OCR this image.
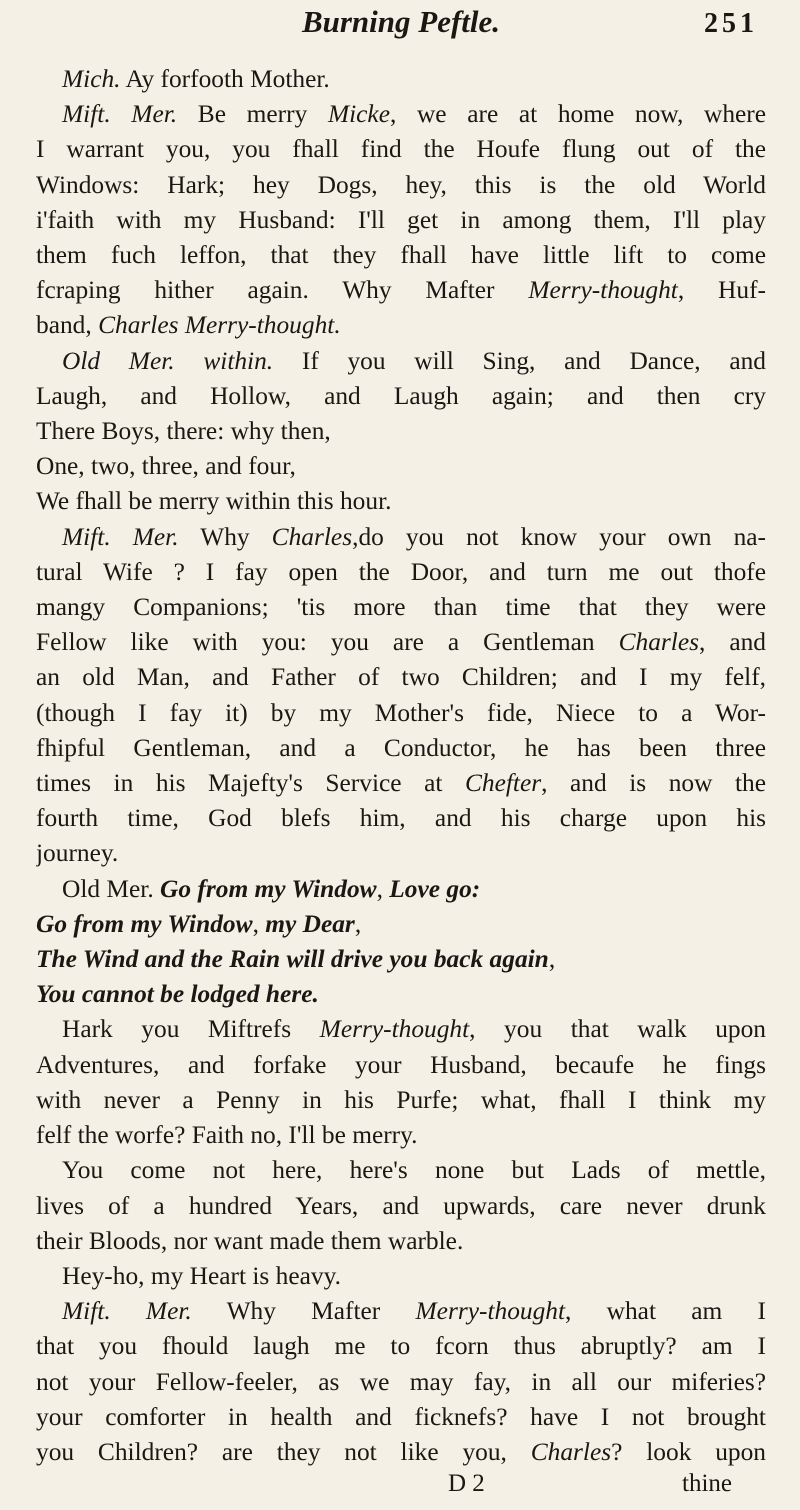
Burning Peftle.	251
Mich. Ay forfooth Mother.
Mift. Mer. Be merry Micke, we are at home now, where
I warrant you, you fhall find the Houfe flung out of the
Windows: Hark; hey Dogs, hey, this is the old World
i'faith with my Husband: I'll get in among them, I'll play
them fuch leffon, that they fhall have little lift to come
fcraping hither again. Why Mafter Merry-thought, Huf-
band, Charles Merry-thought.
Old Mer. within. If you will Sing, and Dance, and
Laugh, and Hollow, and Laugh again; and then cry
There Boys, there: why then,
One, two, three, and four,
We fhall be merry within this hour.
Mift. Mer. Why Charles,do you not know your own na-
tural Wife ? I fay open the Door, and turn me out thofe
mangy Companions; 'tis more than time that they were
Fellow like with you: you are a Gentleman Charles, and
an old Man, and Father of two Children; and I my felf,
(though I fay it) by my Mother's fide, Niece to a Wor-
fhipful Gentleman, and a Conductor, he has been three
times in his Majefty's Service at Chefter, and is now the
fourth time, God blefs him, and his charge upon his
journey.
Old Mer. Go from my Window, Love go:
Go from my Window, my Dear,
The Wind and the Rain will drive you back again,
You cannot be lodged here.
Hark you Miftrefs Merry-thought, you that walk upon
Adventures, and forfake your Husband, becaufe he fings
with never a Penny in his Purfe; what, fhall I think my
felf the worfe? Faith no, I'll be merry.
You come not here, here's none but Lads of mettle,
lives of a hundred Years, and upwards, care never drunk
their Bloods, nor want made them warble.
Hey-ho, my Heart is heavy.
Mift. Mer. Why Mafter Merry-thought, what am I
that you fhould laugh me to fcorn thus abruptly? am I
not your Fellow-feeler, as we may fay, in all our miferies?
your comforter in health and ficknefs? have I not brought
you Children? are they not like you, Charles? look upon
D 2	thine
